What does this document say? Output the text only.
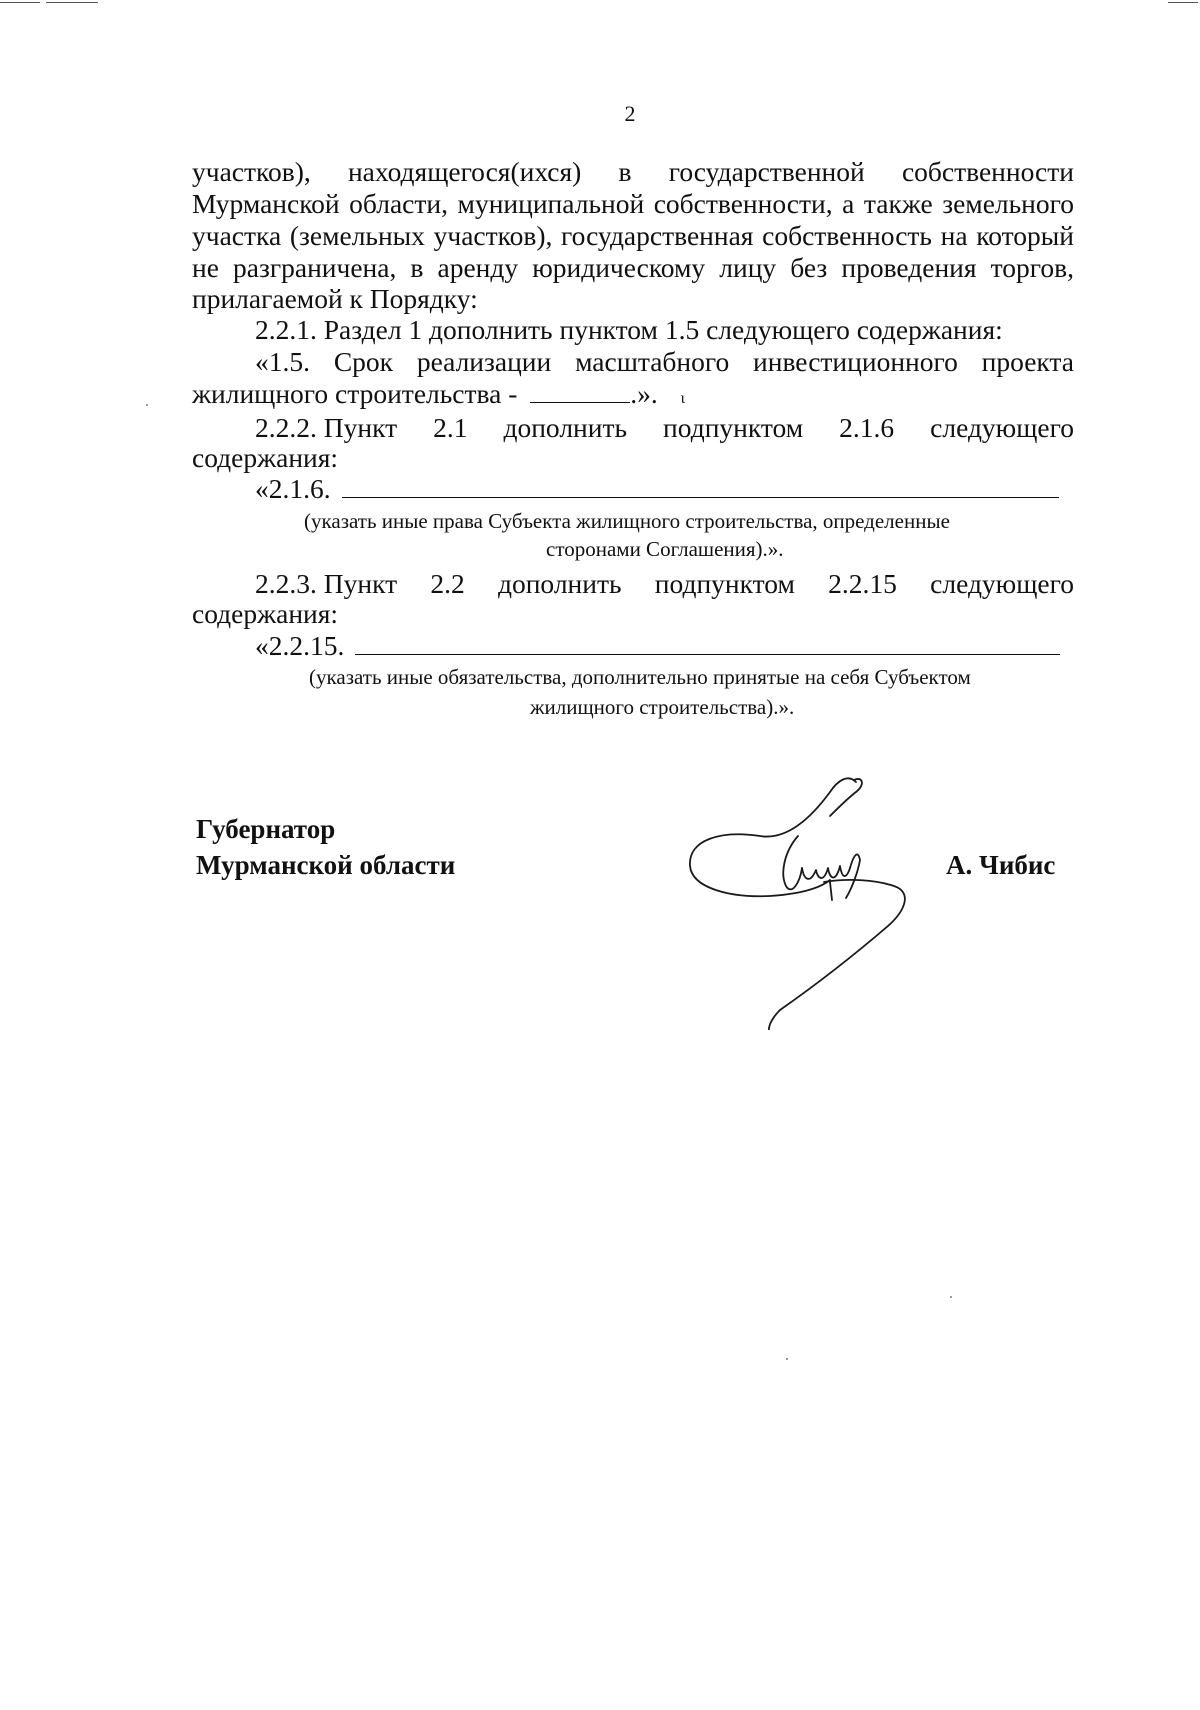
2
участков), находящегося(ихся) в государственной собственности
Мурманской области, муниципальной собственности, а также земельного
участка (земельных участков), государственная собственность на который
не разграничена, в аренду юридическому лицу без проведения торгов,
прилагаемой к Порядку:
2.2.1. Раздел 1 дополнить пунктом 1.5 следующего содержания:
«1.5. Срок реализации масштабного инвестиционного проекта
жилищного строительства -	.». ι
2.2.2. Пункт 2.1 дополнить подпунктом 2.1.6 следующего
содержания:
«2.1.6.
(указать иные права Субъекта жилищного строительства, определенные
сторонами Соглашения).».
2.2.3. Пункт 2.2 дополнить подпунктом 2.2.15 следующего
содержания:
«2.2.15.
(указать иные обязательства, дополнительно принятые на себя Субъектом
жилищного строительства).».
Губернатор
Мурманской области	А. Чибис
